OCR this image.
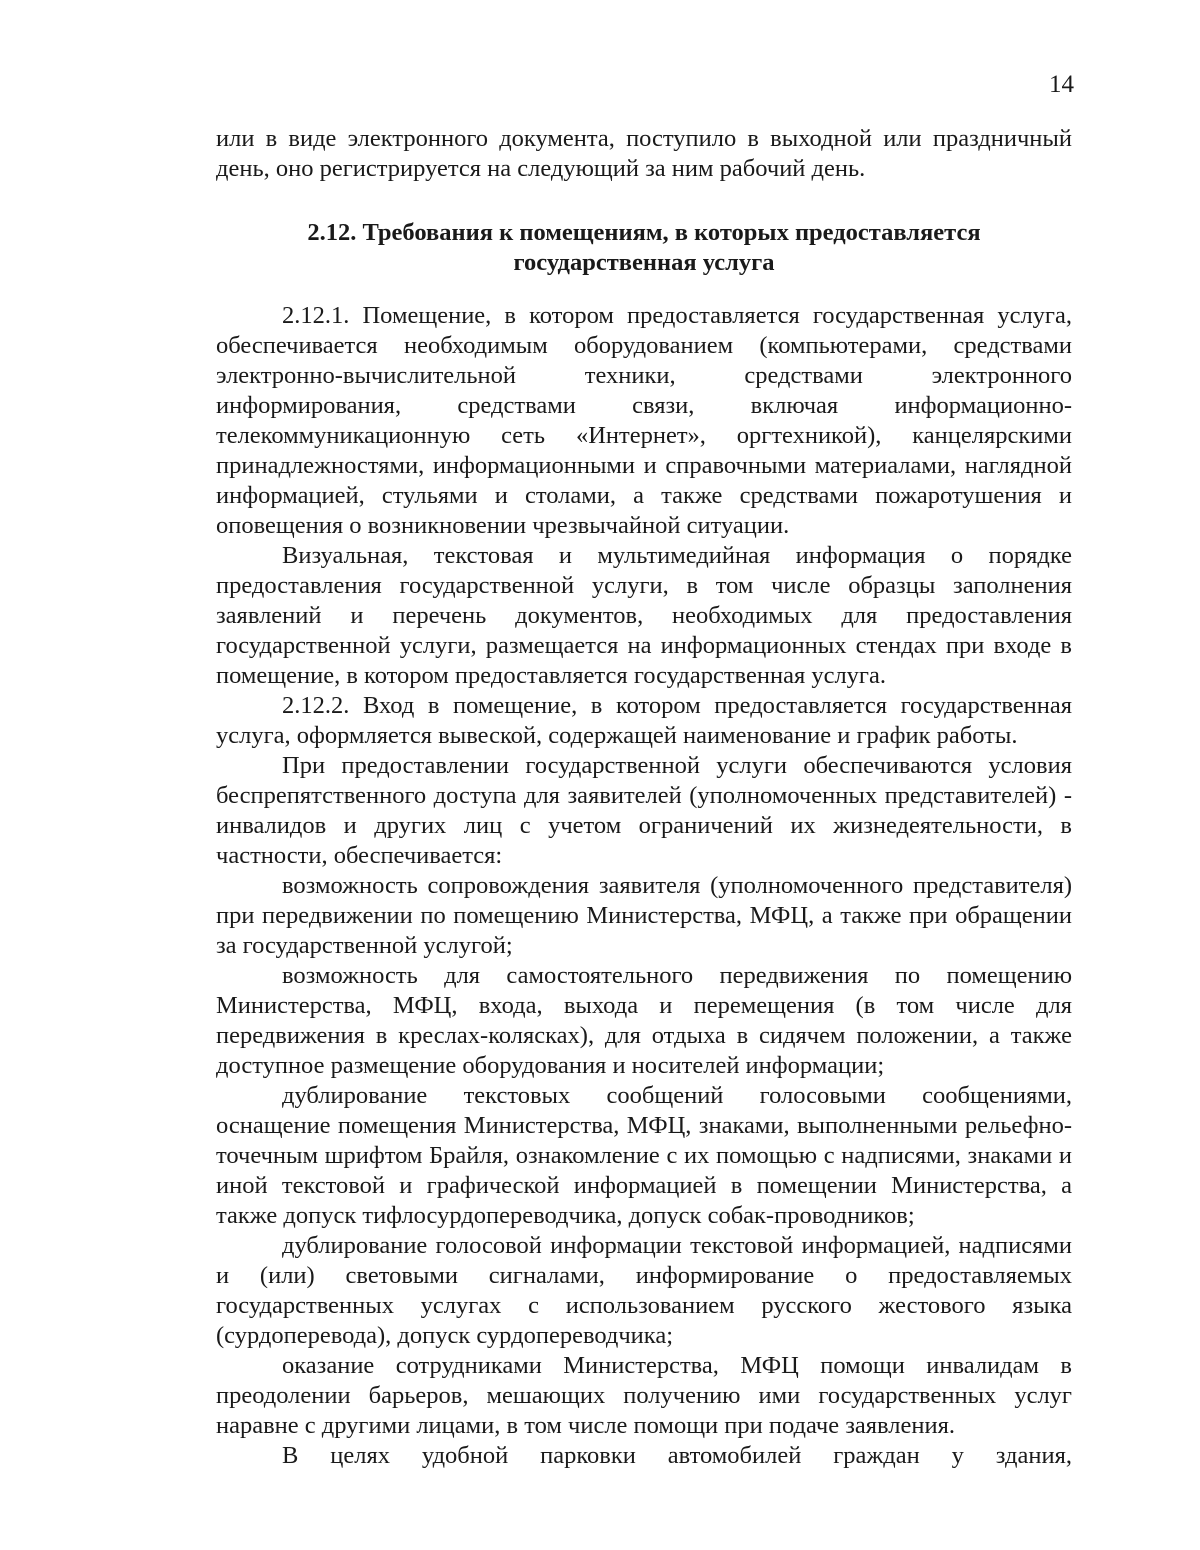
14

или в виде электронного документа, поступило в выходной или праздничный день, оно регистрируется на следующий за ним рабочий день.

2.12. Требования к помещениям, в которых предоставляется
государственная услуга

2.12.1. Помещение, в котором предоставляется государственная услуга, обеспечивается необходимым оборудованием (компьютерами, средствами электронно-вычислительной техники, средствами электронного информирования, средствами связи, включая информационно-телекоммуникационную сеть «Интернет», оргтехникой), канцелярскими принадлежностями, информационными и справочными материалами, наглядной информацией, стульями и столами, а также средствами пожаротушения и оповещения о возникновении чрезвычайной ситуации.

Визуальная, текстовая и мультимедийная информация о порядке предоставления государственной услуги, в том числе образцы заполнения заявлений и перечень документов, необходимых для предоставления государственной услуги, размещается на информационных стендах при входе в помещение, в котором предоставляется государственная услуга.

2.12.2. Вход в помещение, в котором предоставляется государственная услуга, оформляется вывеской, содержащей наименование и график работы.

При предоставлении государственной услуги обеспечиваются условия беспрепятственного доступа для заявителей (уполномоченных представителей) - инвалидов и других лиц с учетом ограничений их жизнедеятельности, в частности, обеспечивается:

возможность сопровождения заявителя (уполномоченного представителя) при передвижении по помещению Министерства, МФЦ, а также при обращении за государственной услугой;

возможность для самостоятельного передвижения по помещению Министерства, МФЦ, входа, выхода и перемещения (в том числе для передвижения в креслах-колясках), для отдыха в сидячем положении, а также доступное размещение оборудования и носителей информации;

дублирование текстовых сообщений голосовыми сообщениями, оснащение помещения Министерства, МФЦ, знаками, выполненными рельефно-точечным шрифтом Брайля, ознакомление с их помощью с надписями, знаками и иной текстовой и графической информацией в помещении Министерства, а также допуск тифлосурдопереводчика, допуск собак-проводников;

дублирование голосовой информации текстовой информацией, надписями и (или) световыми сигналами, информирование о предоставляемых государственных услугах с использованием русского жестового языка (сурдоперевода), допуск сурдопереводчика;

оказание сотрудниками Министерства, МФЦ помощи инвалидам в преодолении барьеров, мешающих получению ими государственных услуг наравне с другими лицами, в том числе помощи при подаче заявления.

В целях удобной парковки автомобилей граждан у здания,
